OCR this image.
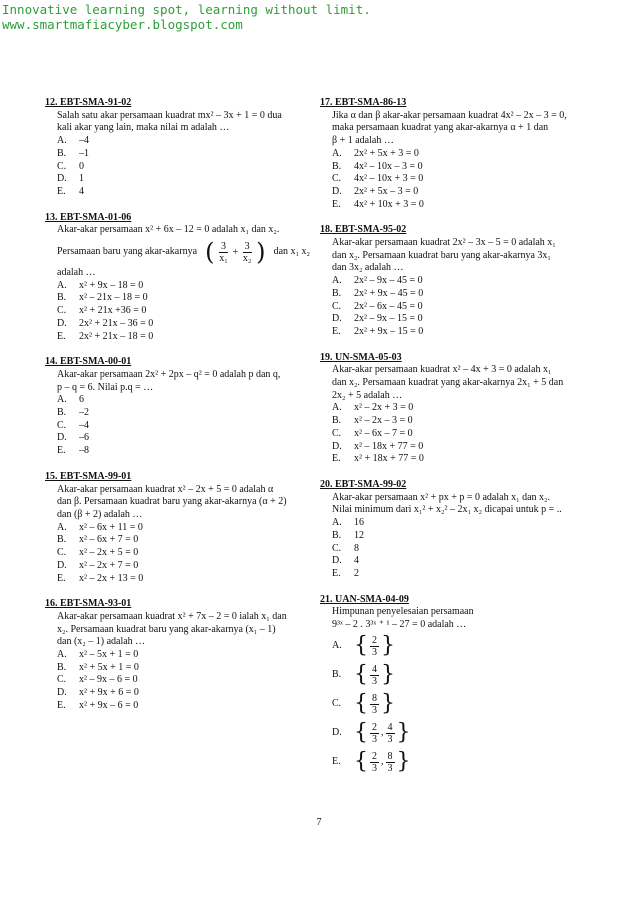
Innovative learning spot, learning without limit.
www.smartmafiacyber.blogspot.com
12. EBT-SMA-91-02
Salah satu akar persamaan kuadrat mx² – 3x + 1 = 0 dua
kali akar yang lain, maka nilai m adalah …
A. –4
B. –1
C. 0
D. 1
E. 4
13. EBT-SMA-01-06
Akar-akar persamaan x² + 6x – 12 = 0 adalah x₁ dan x₂.
Persamaan baru yang akar-akarnya ( $\frac{3}{\text{x₁}} + \frac{3}{\text{x₂}}$ ) dan x₁ x₂
adalah …
A. x² + 9x – 18 = 0
B. x² – 21x – 18 = 0
C. x² + 21x +36 = 0
D. 2x² + 21x – 36 = 0
E. 2x² + 21x – 18 = 0
14. EBT-SMA-00-01
Akar-akar persamaan 2x² + 2px – q² = 0 adalah p dan q,
p – q = 6. Nilai p.q = …
A. 6
B. –2
C. –4
D. –6
E. –8
15. EBT-SMA-99-01
Akar-akar persamaan kuadrat x² – 2x + 5 = 0 adalah α
dan β. Persamaan kuadrat baru yang akar-akarnya (α + 2)
dan (β + 2) adalah …
A. x² – 6x + 11 = 0
B. x² – 6x + 7 = 0
C. x² – 2x + 5 = 0
D. x² – 2x + 7 = 0
E. x² – 2x + 13 = 0
16. EBT-SMA-93-01
Akar-akar persamaan kuadrat x² + 7x – 2 = 0 ialah x₁ dan
x₂. Persamaan kuadrat baru yang akar-akarnya (x₁ – 1)
dan (x₂ – 1) adalah …
A. x² – 5x + 1 = 0
B. x² + 5x + 1 = 0
C. x² – 9x – 6 = 0
D. x² + 9x + 6 = 0
E. x² + 9x – 6 = 0
17. EBT-SMA-86-13
Jika α dan β akar-akar persamaan kuadrat 4x² – 2x – 3 = 0,
maka persamaan kuadrat yang akar-akarnya α + 1 dan
β + 1 adalah …
A. 2x² + 5x + 3 = 0
B. 4x² – 10x – 3 = 0
C. 4x² – 10x + 3 = 0
D. 2x² + 5x – 3 = 0
E. 4x² + 10x + 3 = 0
18. EBT-SMA-95-02
Akar-akar persamaan kuadrat 2x² – 3x – 5 = 0 adalah x₁
dan x₂. Persamaan kuadrat baru yang akar-akarnya 3x₁
dan 3x₂ adalah …
A. 2x² – 9x – 45 = 0
B. 2x² + 9x – 45 = 0
C. 2x² – 6x – 45 = 0
D. 2x² – 9x – 15 = 0
E. 2x² + 9x – 15 = 0
19. UN-SMA-05-03
Akar-akar persamaan kuadrat x² – 4x + 3 = 0 adalah x₁
dan x₂. Persamaan kuadrat yang akar-akarnya 2x₁ + 5 dan
2x₂ + 5 adalah …
A. x² – 2x + 3 = 0
B. x² – 2x – 3 = 0
C. x² – 6x – 7 = 0
D. x² – 18x + 77 = 0
E. x² + 18x + 77 = 0
20. EBT-SMA-99-02
Akar-akar persamaan x² + px + p = 0 adalah x₁ dan x₂.
Nilai minimum dari x₁² + x₂² – 2x₁ x₂ dicapai untuk p = ..
A. 16
B. 12
C. 8
D. 4
E. 2
21. UAN-SMA-04-09
Himpunan penyelesaian persamaan
9³ˣ – 2 . 3³ˣ ⁺ ¹ – 27 = 0 adalah …
A. { $\frac{2}{3}$ }
B. { $\frac{4}{3}$ }
C. { $\frac{8}{3}$ }
D. { $\frac{2}{3}$ , $\frac{4}{3}$ }
E. { $\frac{2}{3}$ , $\frac{8}{3}$ }
7
